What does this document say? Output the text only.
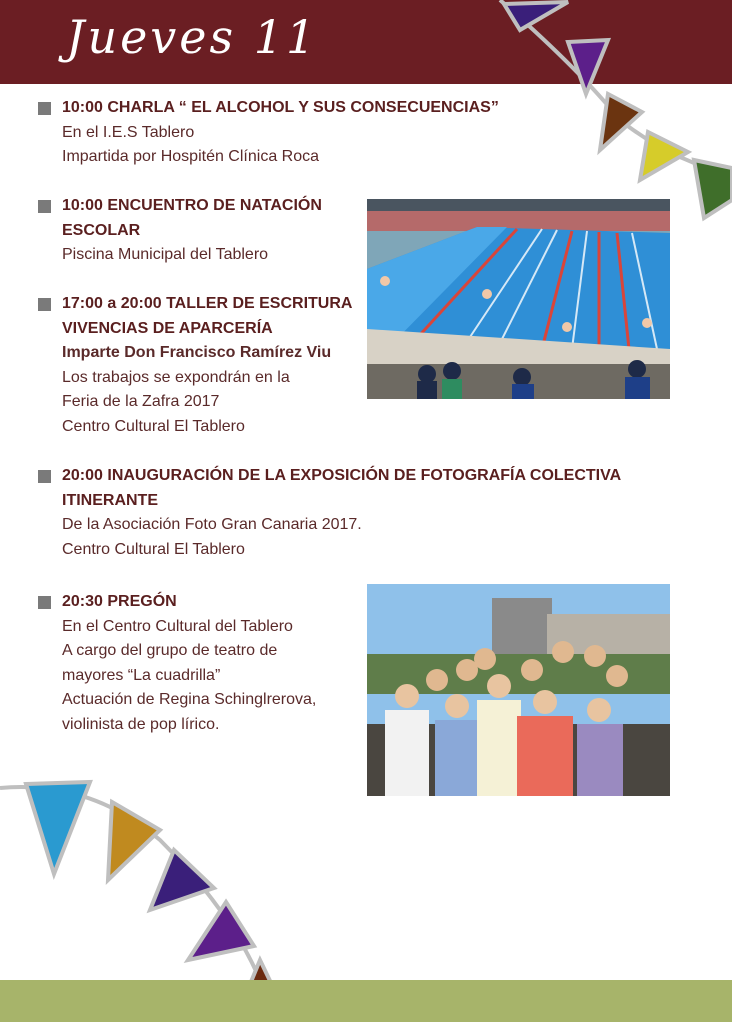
Jueves 11
10:00 CHARLA “ EL ALCOHOL Y SUS CONSECUENCIAS”
En el I.E.S Tablero
Impartida por Hospitén Clínica Roca
10:00 ENCUENTRO DE NATACIÓN
ESCOLAR
Piscina Municipal del Tablero
17:00 a 20:00 TALLER DE ESCRITURA
VIVENCIAS DE APARCERÍA
Imparte Don Francisco Ramírez Viu
Los trabajos se expondrán en la
Feria de la Zafra 2017
Centro Cultural El Tablero
20:00 INAUGURACIÓN DE LA EXPOSICIÓN DE FOTOGRAFÍA COLECTIVA
ITINERANTE
De la Asociación Foto Gran Canaria 2017.
Centro Cultural El Tablero
20:30 PREGÓN
En el Centro Cultural del Tablero
A cargo del grupo de teatro de
mayores “La cuadrilla”
Actuación de Regina Schinglrerova,
violinista de pop lírico.
